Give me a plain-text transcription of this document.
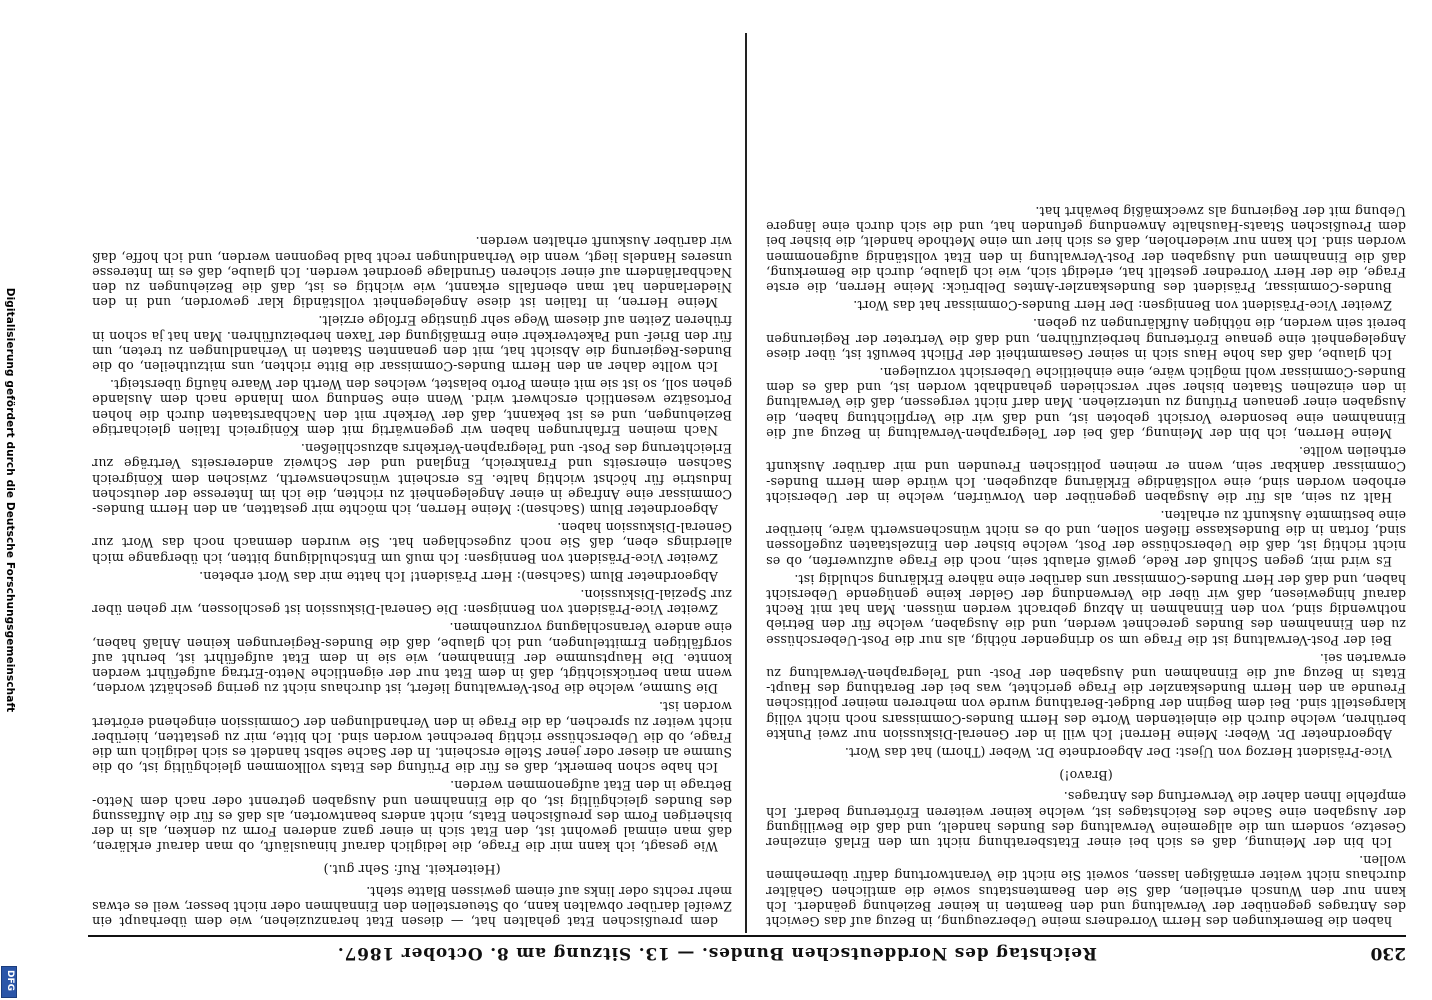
Digitalisierung gefördert durch die Deutsche Forschungsgemeinschaft
DFG
230
Reichstag des Norddeutschen Bundes. — 13. Sitzung am 8. October 1867.

haben die Bemerkungen des Herrn Vorredners meine Ueberzeugung, in Bezug auf das Gewicht des Antrages gegenüber der Verwaltung und den Beamten in keiner Beziehung geändert. Ich kann nur den Wunsch ertheilen, daß Sie den Beamtenstatus sowie die amtlichen Gehälter durchaus nicht weiter ermäßigen lassen, soweit Sie nicht die Verantwortung dafür übernehmen wollen.

Ich bin der Meinung, daß es sich bei einer Etatsberathung nicht um den Erlaß einzelner Gesetze, sondern um die allgemeine Verwaltung des Bundes handelt, und daß die Bewilligung der Ausgaben eine Sache des Reichstages ist, welche keiner weiteren Erörterung bedarf. Ich empfehle Ihnen daher die Verwerfung des Antrages.

(Bravo!)

Vice-Präsident Herzog von Ujest: Der Abgeordnete Dr. Weber (Thorn) hat das Wort.

Abgeordneter Dr. Weber: Meine Herren! Ich will in der General-Diskussion nur zwei Punkte berühren, welche durch die einleitenden Worte des Herrn Bundes-Commissars noch nicht völlig klargestellt sind. Bei dem Beginn der Budget-Berathung wurde von mehreren meiner politischen Freunde an den Herrn Bundeskanzler die Frage gerichtet, was bei der Berathung des Haupt-Etats in Bezug auf die Einnahmen und Ausgaben der Post- und Telegraphen-Verwaltung zu erwarten sei.

Bei der Post-Verwaltung ist die Frage um so dringender nöthig, als nur die Post-Ueberschüsse zu den Einnahmen des Bundes gerechnet werden, und die Ausgaben, welche für den Betrieb nothwendig sind, von den Einnahmen in Abzug gebracht werden müssen. Man hat mit Recht darauf hingewiesen, daß wir über die Verwendung der Gelder keine genügende Uebersicht haben, und daß der Herr Bundes-Commissar uns darüber eine nähere Erklärung schuldig ist.

Es wird mir, gegen Schluß der Rede, gewiß erlaubt sein, noch die Frage aufzuwerfen, ob es nicht richtig ist, daß die Ueberschüsse der Post, welche bisher den Einzelstaaten zugeflossen sind, fortan in die Bundeskasse fließen sollen, und ob es nicht wünschenswerth wäre, hierüber eine bestimmte Auskunft zu erhalten.

Halt zu sein, als für die Ausgaben gegenüber den Vorwürfen, welche in der Uebersicht erhoben worden sind, eine vollständige Erklärung abzugeben. Ich würde dem Herrn Bundes-Commissar dankbar sein, wenn er meinen politischen Freunden und mir darüber Auskunft ertheilen wollte.

Meine Herren, ich bin der Meinung, daß bei der Telegraphen-Verwaltung in Bezug auf die Einnahmen eine besondere Vorsicht geboten ist, und daß wir die Verpflichtung haben, die Ausgaben einer genauen Prüfung zu unterziehen. Man darf nicht vergessen, daß die Verwaltung in den einzelnen Staaten bisher sehr verschieden gehandhabt worden ist, und daß es dem Bundes-Commissar wohl möglich wäre, eine einheitliche Uebersicht vorzulegen.

Ich glaube, daß das hohe Haus sich in seiner Gesammtheit der Pflicht bewußt ist, über diese Angelegenheit eine genaue Erörterung herbeizuführen, und daß die Vertreter der Regierungen bereit sein werden, die nöthigen Aufklärungen zu geben.

Zweiter Vice-Präsident von Bennigsen: Der Herr Bundes-Commissar hat das Wort.

Bundes-Commissar, Präsident des Bundeskanzler-Amtes Delbrück: Meine Herren, die erste Frage, die der Herr Vorredner gestellt hat, erledigt sich, wie ich glaube, durch die Bemerkung, daß die Einnahmen und Ausgaben der Post-Verwaltung in den Etat vollständig aufgenommen worden sind. Ich kann nur wiederholen, daß es sich hier um eine Methode handelt, die bisher bei dem Preußischen Staats-Haushalte Anwendung gefunden hat, und die sich durch eine längere Uebung mit der Regierung als zweckmäßig bewährt hat.

dem preußischen Etat gehalten hat, — diesen Etat heranzuziehen, wie dem überhaupt ein Zweifel darüber obwalten kann, ob Steuerstellen den Einnahmen oder nicht besser, weil es etwas mehr rechts oder links auf einem gewissen Blatte steht.

(Heiterkeit. Ruf: Sehr gut.)

Wie gesagt, ich kann mir die Frage, die lediglich darauf hinausläuft, ob man darauf erklären, daß man einmal gewohnt ist, den Etat sich in einer ganz anderen Form zu denken, als in der bisherigen Form des preußischen Etats, nicht anders beantworten, als daß es für die Auffassung des Bundes gleichgültig ist, ob die Einnahmen und Ausgaben getrennt oder nach dem Netto-Betrage in den Etat aufgenommen werden.

Ich habe schon bemerkt, daß es für die Prüfung des Etats vollkommen gleichgültig ist, ob die Summe an dieser oder jener Stelle erscheint. In der Sache selbst handelt es sich lediglich um die Frage, ob die Ueberschüsse richtig berechnet worden sind. Ich bitte, mir zu gestatten, hierüber nicht weiter zu sprechen, da die Frage in den Verhandlungen der Commission eingehend erörtert worden ist.

Die Summe, welche die Post-Verwaltung liefert, ist durchaus nicht zu gering geschätzt worden, wenn man berücksichtigt, daß in dem Etat nur der eigentliche Netto-Ertrag aufgeführt werden konnte. Die Hauptsumme der Einnahmen, wie sie in dem Etat aufgeführt ist, beruht auf sorgfältigen Ermittelungen, und ich glaube, daß die Bundes-Regierungen keinen Anlaß haben, eine andere Veranschlagung vorzunehmen.

Zweiter Vice-Präsident von Bennigsen: Die General-Diskussion ist geschlossen, wir gehen über zur Spezial-Diskussion.

Abgeordneter Blum (Sachsen): Herr Präsident! Ich hatte mir das Wort erbeten.

Zweiter Vice-Präsident von Bennigsen: Ich muß um Entschuldigung bitten, ich übergange mich allerdings eben, daß Sie noch zugeschlagen hat. Sie wurden demnach noch das Wort zur General-Diskussion haben.

Abgeordneter Blum (Sachsen): Meine Herren, ich möchte mir gestatten, an den Herrn Bundes-Commissar eine Anfrage in einer Angelegenheit zu richten, die ich im Interesse der deutschen Industrie für höchst wichtig halte. Es erscheint wünschenswerth, zwischen dem Königreich Sachsen einerseits und Frankreich, England und der Schweiz andererseits Verträge zur Erleichterung des Post- und Telegraphen-Verkehrs abzuschließen.

Nach meinen Erfahrungen haben wir gegenwärtig mit dem Königreich Italien gleichartige Beziehungen, und es ist bekannt, daß der Verkehr mit den Nachbarstaaten durch die hohen Portosätze wesentlich erschwert wird. Wenn eine Sendung vom Inlande nach dem Auslande gehen soll, so ist sie mit einem Porto belastet, welches den Werth der Waare häufig übersteigt.

Ich wollte daher an den Herrn Bundes-Commissar die Bitte richten, uns mitzutheilen, ob die Bundes-Regierung die Absicht hat, mit den genannten Staaten in Verhandlungen zu treten, um für den Brief- und Paketverkehr eine Ermäßigung der Taxen herbeizuführen. Man hat ja schon in früheren Zeiten auf diesem Wege sehr günstige Erfolge erzielt.

Meine Herren, in Italien ist diese Angelegenheit vollständig klar geworden, und in den Niederlanden hat man ebenfalls erkannt, wie wichtig es ist, daß die Beziehungen zu den Nachbarländern auf einer sicheren Grundlage geordnet werden. Ich glaube, daß es im Interesse unseres Handels liegt, wenn die Verhandlungen recht bald begonnen werden, und ich hoffe, daß wir darüber Auskunft erhalten werden.
